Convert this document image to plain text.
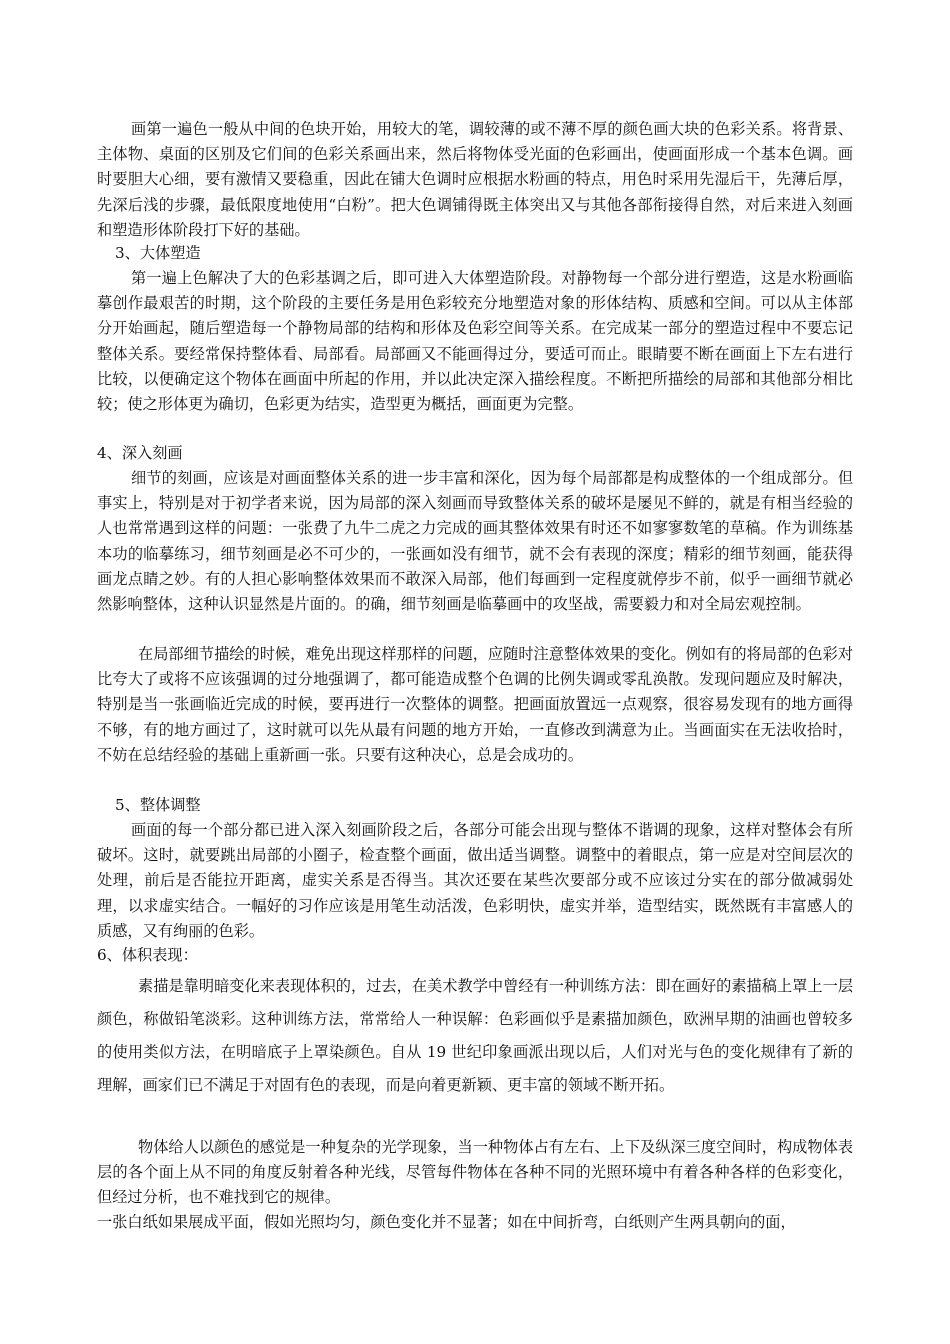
画第一遍色一般从中间的色块开始，用较大的笔，调较薄的或不薄不厚的颜色画大块的色彩关系。将背景、主体物、桌面的区别及它们间的色彩关系画出来，然后将物体受光面的色彩画出，使画面形成一个基本色调。画时要胆大心细，要有激情又要稳重，因此在铺大色调时应根据水粉画的特点，用色时采用先湿后干，先薄后厚，先深后浅的步骤，最低限度地使用“白粉”。把大色调铺得既主体突出又与其他各部衔接得自然，对后来进入刻画和塑造形体阶段打下好的基础。

3、大体塑造

第一遍上色解决了大的色彩基调之后，即可进入大体塑造阶段。对静物每一个部分进行塑造，这是水粉画临摹创作最艰苦的时期，这个阶段的主要任务是用色彩较充分地塑造对象的形体结构、质感和空间。可以从主体部分开始画起，随后塑造每一个静物局部的结构和形体及色彩空间等关系。在完成某一部分的塑造过程中不要忘记整体关系。要经常保持整体看、局部看。局部画又不能画得过分，要适可而止。眼睛要不断在画面上下左右进行比较，以便确定这个物体在画面中所起的作用，并以此决定深入描绘程度。不断把所描绘的局部和其他部分相比较；使之形体更为确切，色彩更为结实，造型更为概括，画面更为完整。

4、深入刻画

细节的刻画，应该是对画面整体关系的进一步丰富和深化，因为每个局部都是构成整体的一个组成部分。但事实上，特别是对于初学者来说，因为局部的深入刻画而导致整体关系的破坏是屡见不鲜的，就是有相当经验的人也常常遇到这样的问题：一张费了九牛二虎之力完成的画其整体效果有时还不如寥寥数笔的草稿。作为训练基本功的临摹练习，细节刻画是必不可少的，一张画如没有细节，就不会有表现的深度；精彩的细节刻画，能获得画龙点睛之妙。有的人担心影响整体效果而不敢深入局部，他们每画到一定程度就停步不前，似乎一画细节就必然影响整体，这种认识显然是片面的。的确，细节刻画是临摹画中的攻坚战，需要毅力和对全局宏观控制。

在局部细节描绘的时候，难免出现这样那样的问题，应随时注意整体效果的变化。例如有的将局部的色彩对比夸大了或将不应该强调的过分地强调了，都可能造成整个色调的比例失调或零乱涣散。发现问题应及时解决，特别是当一张画临近完成的时候，要再进行一次整体的调整。把画面放置远一点观察，很容易发现有的地方画得不够，有的地方画过了，这时就可以先从最有问题的地方开始，一直修改到满意为止。当画面实在无法收拾时，不妨在总结经验的基础上重新画一张。只要有这种决心，总是会成功的。

5、整体调整

画面的每一个部分都已进入深入刻画阶段之后，各部分可能会出现与整体不谐调的现象，这样对整体会有所破坏。这时，就要跳出局部的小圈子，检查整个画面，做出适当调整。调整中的着眼点，第一应是对空间层次的处理，前后是否能拉开距离，虚实关系是否得当。其次还要在某些次要部分或不应该过分实在的部分做减弱处理，以求虚实结合。一幅好的习作应该是用笔生动活泼，色彩明快，虚实并举，造型结实，既然既有丰富感人的质感，又有绚丽的色彩。

6、体积表现：

素描是靠明暗变化来表现体积的，过去，在美术教学中曾经有一种训练方法：即在画好的素描稿上罩上一层颜色，称做铅笔淡彩。这种训练方法，常常给人一种误解：色彩画似乎是素描加颜色，欧洲早期的油画也曾较多的使用类似方法，在明暗底子上罩染颜色。自从 19 世纪印象画派出现以后，人们对光与色的变化规律有了新的理解，画家们已不满足于对固有色的表现，而是向着更新颖、更丰富的领域不断开拓。

物体给人以颜色的感觉是一种复杂的光学现象，当一种物体占有左右、上下及纵深三度空间时，构成物体表层的各个面上从不同的角度反射着各种光线，尽管每件物体在各种不同的光照环境中有着各种各样的色彩变化，但经过分析，也不难找到它的规律。

一张白纸如果展成平面，假如光照均匀，颜色变化并不显著；如在中间折弯，白纸则产生两具朝向的面，
